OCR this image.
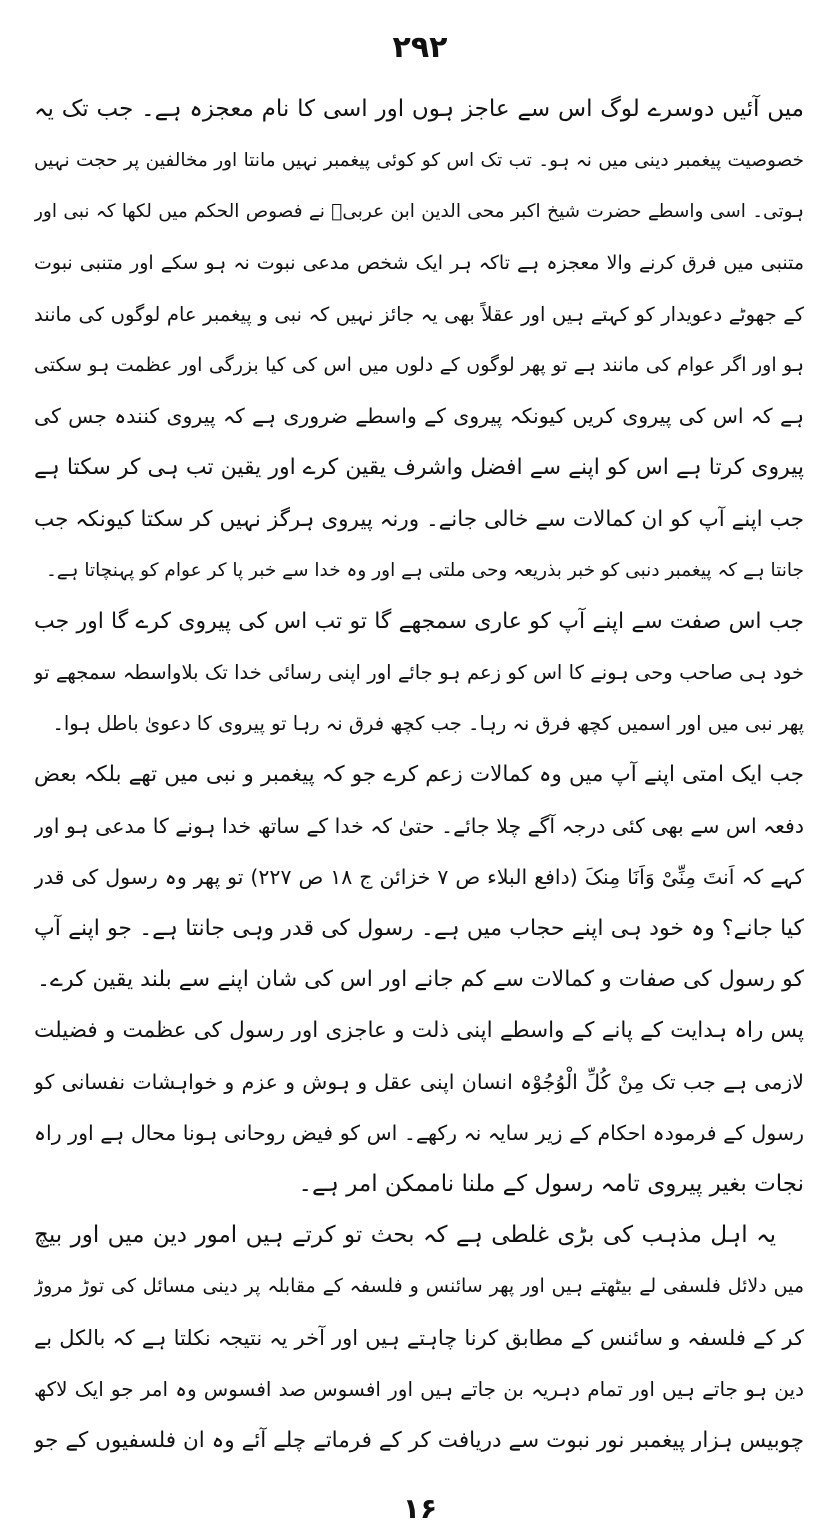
۲۹۲
میں آئیں دوسرے لوگ اس سے عاجز ہوں اور اسی کا نام معجزہ ہے۔ جب تک یہ
خصوصیت پیغمبر دینی میں نہ ہو۔ تب تک اس کو کوئی پیغمبر نہیں مانتا اور مخالفین پر حجت نہیں
ہوتی۔ اسی واسطے حضرت شیخ اکبر محی الدین ابن عربیؒ نے فصوص الحکم میں لکھا کہ نبی اور
متنبی میں فرق کرنے والا معجزہ ہے تاکہ ہر ایک شخص مدعی نبوت نہ ہو سکے اور متنبی نبوت
کے جھوٹے دعویدار کو کہتے ہیں اور عقلاً بھی یہ جائز نہیں کہ نبی و پیغمبر عام لوگوں کی مانند
ہو اور اگر عوام کی مانند ہے تو پھر لوگوں کے دلوں میں اس کی کیا بزرگی اور عظمت ہو سکتی
ہے کہ اس کی پیروی کریں کیونکہ پیروی کے واسطے ضروری ہے کہ پیروی کنندہ جس کی
پیروی کرتا ہے اس کو اپنے سے افضل واشرف یقین کرے اور یقین تب ہی کر سکتا ہے
جب اپنے آپ کو ان کمالات سے خالی جانے۔ ورنہ پیروی ہرگز نہیں کر سکتا کیونکہ جب
جانتا ہے کہ پیغمبر دنبی کو خبر بذریعہ وحی ملتی ہے اور وہ خدا سے خبر پا کر عوام کو پہنچاتا ہے۔
جب اس صفت سے اپنے آپ کو عاری سمجھے گا تو تب اس کی پیروی کرے گا اور جب
خود ہی صاحب وحی ہونے کا اس کو زعم ہو جائے اور اپنی رسائی خدا تک بلاواسطہ سمجھے تو
پھر نبی میں اور اسمیں کچھ فرق نہ رہا۔ جب کچھ فرق نہ رہا تو پیروی کا دعویٰ باطل ہوا۔
جب ایک امتی اپنے آپ میں وہ کمالات زعم کرے جو کہ پیغمبر و نبی میں تھے بلکہ بعض
دفعہ اس سے بھی کئی درجہ آگے چلا جائے۔ حتیٰ کہ خدا کے ساتھ خدا ہونے کا مدعی ہو اور
کہے کہ اَنتَ مِنِّیْ وَاَنَا مِنکَ (دافع البلاء ص ۷ خزائن ج ۱۸ ص ۲۲۷) تو پھر وہ رسول کی قدر
کیا جانے؟ وہ خود ہی اپنے حجاب میں ہے۔ رسول کی قدر وہی جانتا ہے۔ جو اپنے آپ
کو رسول کی صفات و کمالات سے کم جانے اور اس کی شان اپنے سے بلند یقین کرے۔
پس راہ ہدایت کے پانے کے واسطے اپنی ذلت و عاجزی اور رسول کی عظمت و فضیلت
لازمی ہے جب تک مِنْ کُلِّ الْوُجُوْہ انسان اپنی عقل و ہوش و عزم و خواہشات نفسانی کو
رسول کے فرمودہ احکام کے زیر سایہ نہ رکھے۔ اس کو فیض روحانی ہونا محال ہے اور راہ
نجات بغیر پیروی تامہ رسول کے ملنا ناممکن امر ہے۔
یہ اہل مذہب کی بڑی غلطی ہے کہ بحث تو کرتے ہیں امور دین میں اور بیچ
میں دلائل فلسفی لے بیٹھتے ہیں اور پھر سائنس و فلسفہ کے مقابلہ پر دینی مسائل کی توڑ مروڑ
کر کے فلسفہ و سائنس کے مطابق کرنا چاہتے ہیں اور آخر یہ نتیجہ نکلتا ہے کہ بالکل بے
دین ہو جاتے ہیں اور تمام دہریہ بن جاتے ہیں اور افسوس صد افسوس وہ امر جو ایک لاکھ
چوبیس ہزار پیغمبر نور نبوت سے دریافت کر کے فرماتے چلے آئے وہ ان فلسفیوں کے جو
۱۶
